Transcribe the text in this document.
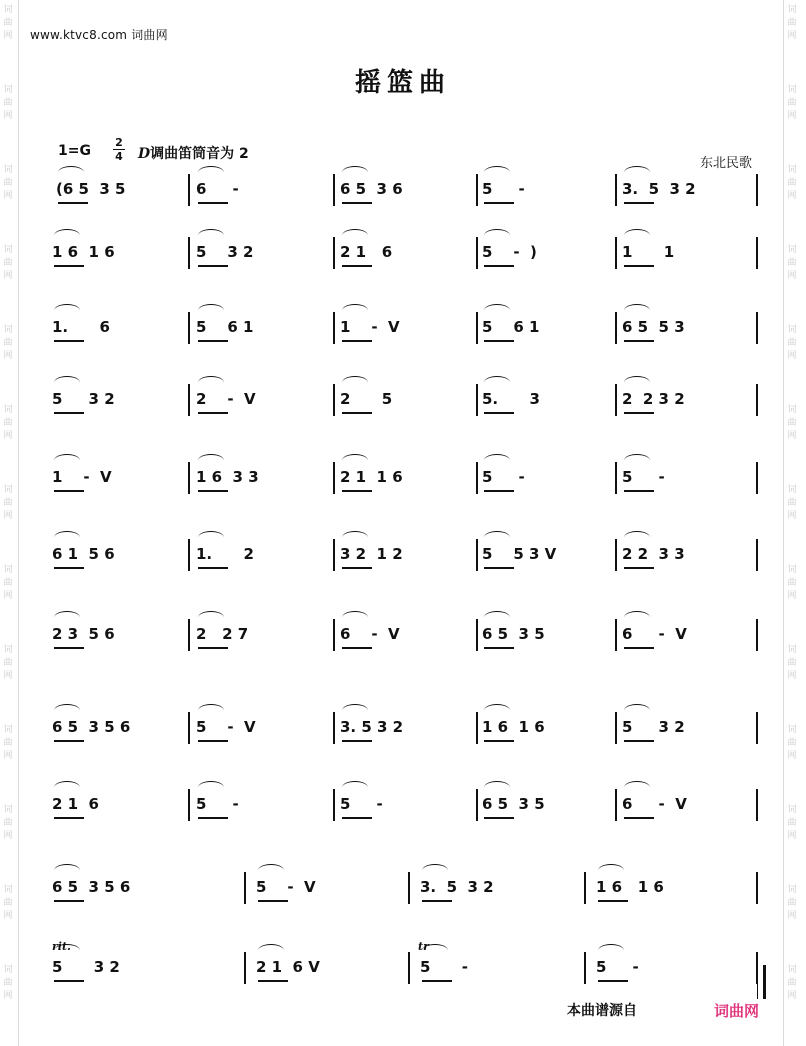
词
曲
网
词
曲
网
词
曲
网
词
曲
网
词
曲
网
词
曲
网
词
曲
网
词
曲
网
词
曲
网
词
曲
网
词
曲
网
词
曲
网
词
曲
网
词
曲
网
词
曲
网
词
曲
网
词
曲
网
词
曲
网
词
曲
网
词
曲
网
词
曲
网
词
曲
网
词
曲
网
词
曲
网
词
曲
网
词
曲
网
www.ktvc8.com 词曲网
摇篮曲
1=G
2
4 D调曲笛筒音为 2
东北民歌
(6 5  3 5	6     -	6 5  3 6	5     -	3.  5  3 2
1 6  1 6	5    3 2	2 1   6	5    -  )	1      1
1.      6	5    6 1	1    -  V	5    6 1	6 5  5 3
5     3 2	2    -  V	2      5	5.      3	2  2 3 2
1    -  V	1 6  3 3	2 1  1 6	5     -	5     -
6 1  5 6	1.      2	3 2  1 2	5    5 3 V	2 2  3 3
2 3  5 6	2   2 7	6    -  V	6 5  3 5	6     -  V
6 5  3 5 6	5    -  V	3. 5 3 2	1 6  1 6	5     3 2
2 1  6	5     -	5     -	6 5  3 5	6     -  V
6 5  3 5 6	5    -  V	3.  5  3 2	1 6   1 6
5      3 2	2 1  6 V	5      -	5     -
rit.	tr
本曲谱源自	词曲网
